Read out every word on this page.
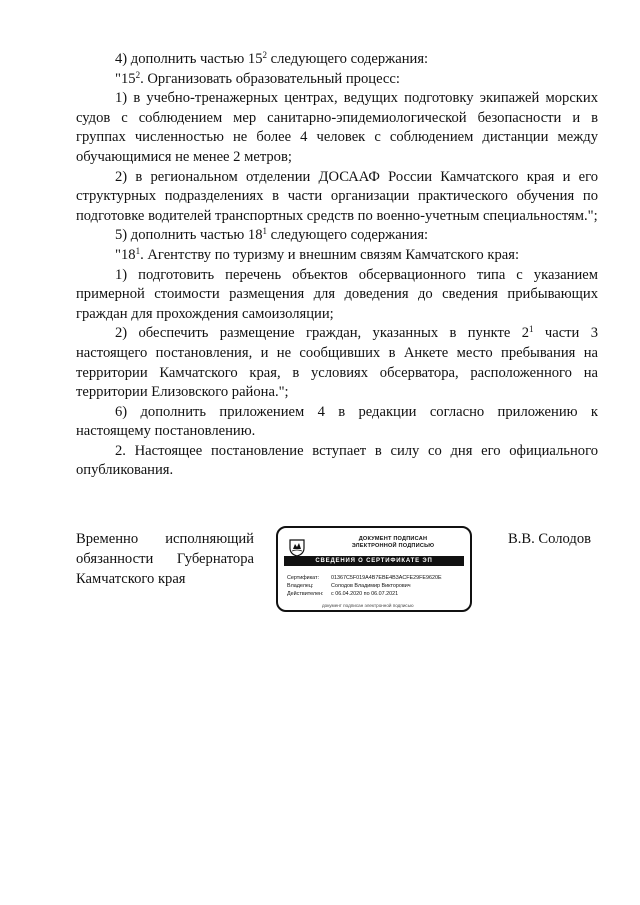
4) дополнить частью $15^2$ следующего содержания:

"$15^2$. Организовать образовательный процесс:

1) в учебно-тренажерных центрах, ведущих подготовку экипажей морских судов с соблюдением мер санитарно-эпидемиологической безопасности и в группах численностью не более 4 человек с соблюдением дистанции между обучающимися не менее 2 метров;

2) в региональном отделении ДОСААФ России Камчатского края и его структурных подразделениях в части организации практического обучения по подготовке водителей транспортных средств по военно-учетным специальностям.";

5) дополнить частью $18^1$ следующего содержания:

"$18^1$. Агентству по туризму и внешним связям Камчатского края:

1) подготовить перечень объектов обсервационного типа с указанием примерной стоимости размещения для доведения до сведения прибывающих граждан для прохождения самоизоляции;

2) обеспечить размещение граждан, указанных в пункте $2^1$ части 3 настоящего постановления, и не сообщивших в Анкете место пребывания на территории Камчатского края, в условиях обсерватора, расположенного на территории Елизовского района.";

6) дополнить приложением 4 в редакции согласно приложению к настоящему постановлению.

2. Настоящее постановление вступает в силу со дня его официального опубликования.

Временно исполняющий
обязанности Губернатора
Камчатского края
ДОКУМЕНТ ПОДПИСАН
ЭЛЕКТРОННОЙ ПОДПИСЬЮ
СВЕДЕНИЯ О СЕРТИФИКАТЕ ЭП
Сертификат: 01367C5F019A4B7EBE4B3ACFE29FE9620E
Владелец:	Солодов Владимир Викторович
Действителен: с 06.04.2020 по 06.07.2021
документ подписан электронной подписью
В.В. Солодов
